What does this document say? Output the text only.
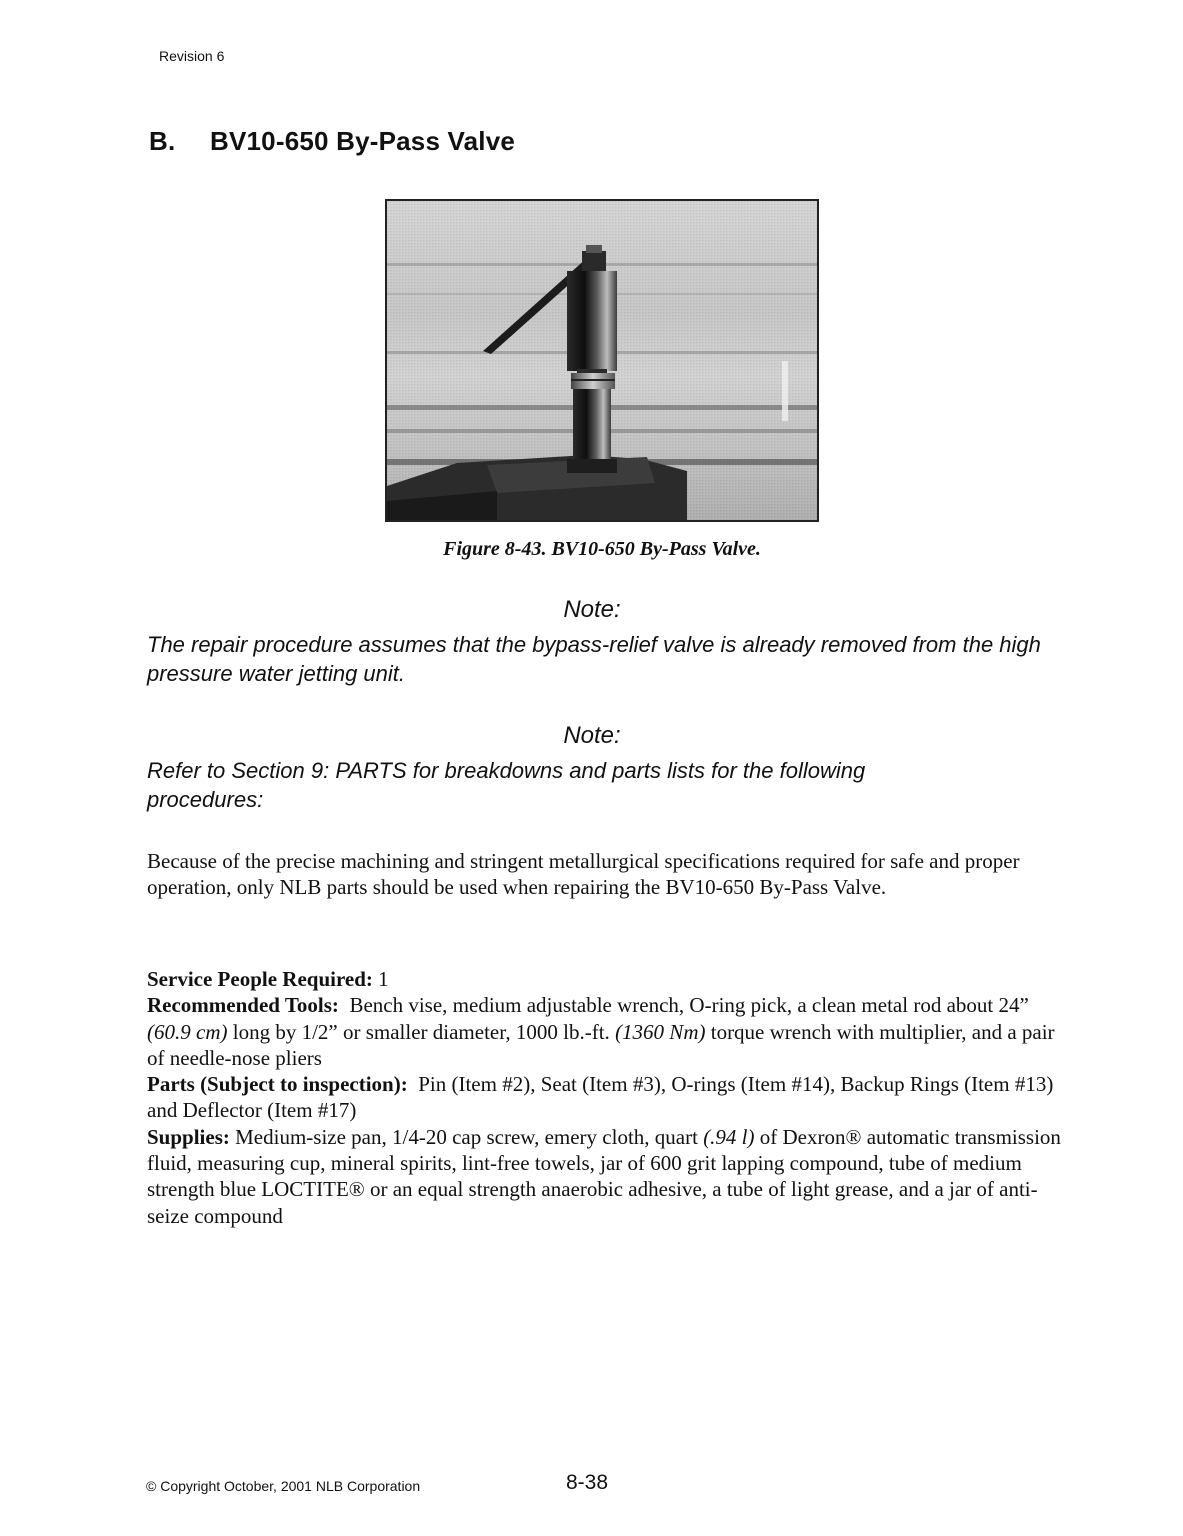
Revision 6
B. BV10-650 By-Pass Valve
Figure 8-43. BV10-650 By-Pass Valve.
Note:

The repair procedure assumes that the bypass-relief valve is already removed from the high pressure water jetting unit.

Note:

Refer to Section 9: PARTS for breakdowns and parts lists for the following procedures:

Because of the precise machining and stringent metallurgical specifications required for safe and proper operation, only NLB parts should be used when repairing the BV10-650 By-Pass Valve.

Service People Required: 1

Recommended Tools: Bench vise, medium adjustable wrench, O-ring pick, a clean metal rod about 24” (60.9 cm) long by 1/2” or smaller diameter, 1000 lb.-ft. (1360 Nm) torque wrench with multiplier, and a pair of needle-nose pliers

Parts (Subject to inspection): Pin (Item #2), Seat (Item #3), O-rings (Item #14), Backup Rings (Item #13) and Deflector (Item #17)

Supplies: Medium-size pan, 1/4-20 cap screw, emery cloth, quart (.94 l) of Dexron® automatic transmission fluid, measuring cup, mineral spirits, lint-free towels, jar of 600 grit lapping compound, tube of medium strength blue LOCTITE® or an equal strength anaerobic adhesive, a tube of light grease, and a jar of anti-seize compound

© Copyright October, 2001 NLB Corporation	8-38
